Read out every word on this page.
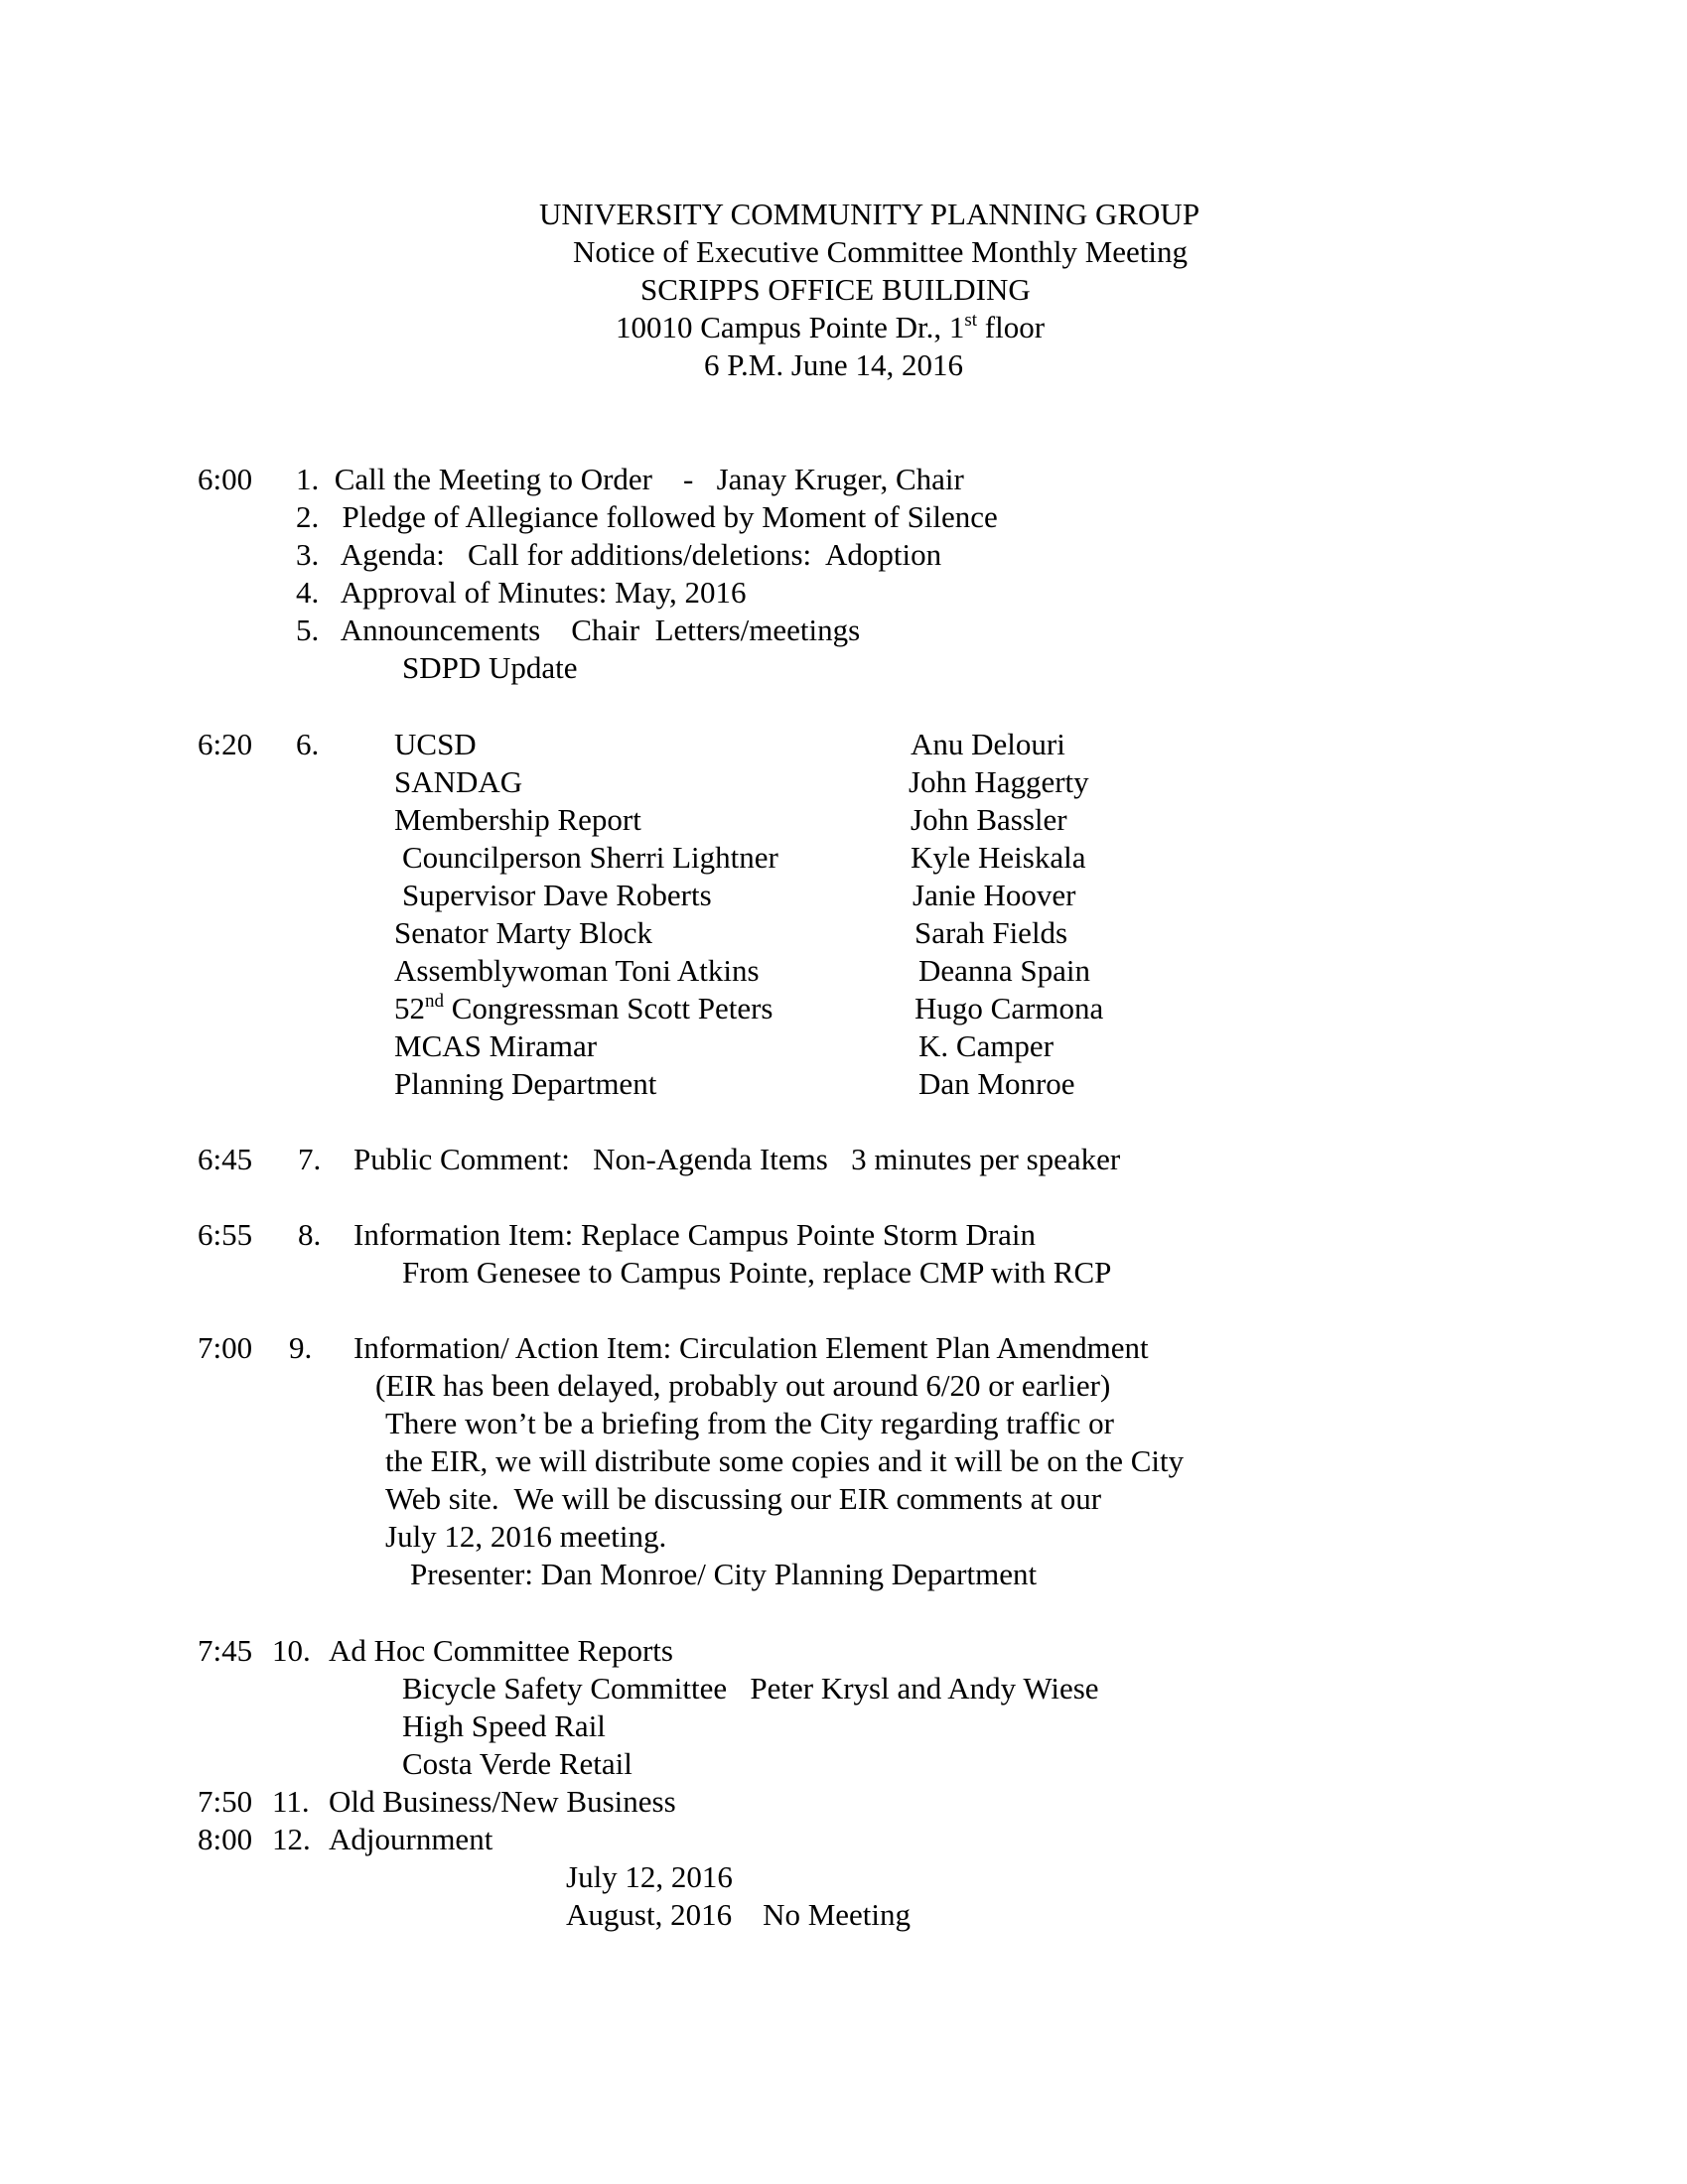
UNIVERSITY COMMUNITY PLANNING GROUP
Notice of Executive Committee Monthly Meeting
SCRIPPS OFFICE BUILDING
10010 Campus Pointe Dr., 1st floor
6 P.M. June 14, 2016
6:00 1.  Call the Meeting to Order    -   Janay Kruger, Chair
2.   Pledge of Allegiance followed by Moment of Silence
3.   Agenda:   Call for additions/deletions:  Adoption
4.   Approval of Minutes: May, 2016
5.   Announcements    Chair  Letters/meetings
SDPD Update
6:20 6. UCSD	Anu Delouri
SANDAG	John Haggerty
Membership Report	John Bassler
Councilperson Sherri Lightner	Kyle Heiskala
Supervisor Dave Roberts	Janie Hoover
Senator Marty Block	Sarah Fields
Assemblywoman Toni Atkins	Deanna Spain
52nd Congressman Scott Peters	Hugo Carmona
MCAS Miramar	K. Camper
Planning Department	Dan Monroe
6:45 7. Public Comment:   Non-Agenda Items   3 minutes per speaker
6:55 8. Information Item: Replace Campus Pointe Storm Drain
From Genesee to Campus Pointe, replace CMP with RCP
7:00 9. Information/ Action Item: Circulation Element Plan Amendment
(EIR has been delayed, probably out around 6/20 or earlier)
There won’t be a briefing from the City regarding traffic or
the EIR, we will distribute some copies and it will be on the City
Web site.  We will be discussing our EIR comments at our
July 12, 2016 meeting.
Presenter: Dan Monroe/ City Planning Department
7:45 10. Ad Hoc Committee Reports
Bicycle Safety Committee   Peter Krysl and Andy Wiese
High Speed Rail
Costa Verde Retail
7:50 11. Old Business/New Business
8:00 12. Adjournment
July 12, 2016
August, 2016    No Meeting
